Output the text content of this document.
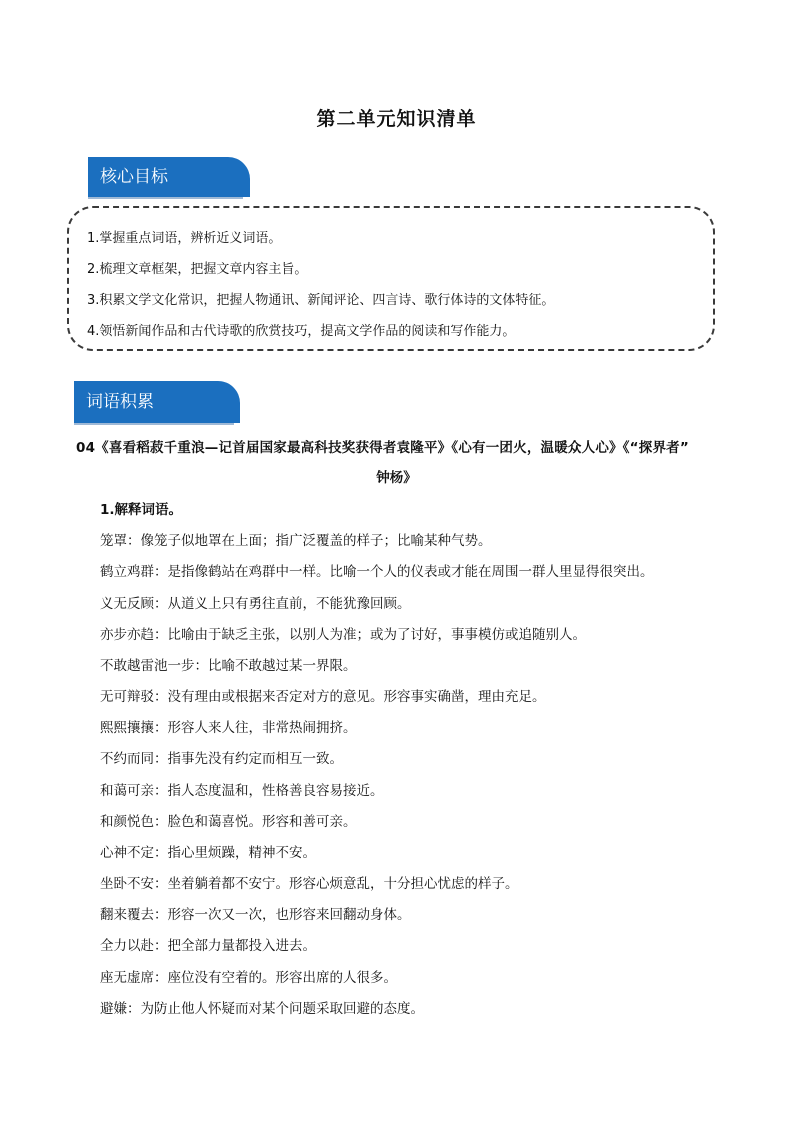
第二单元知识清单
核心目标
1.掌握重点词语，辨析近义词语。
2.梳理文章框架，把握文章内容主旨。
3.积累文学文化常识，把握人物通讯、新闻评论、四言诗、歌行体诗的文体特征。
4.领悟新闻作品和古代诗歌的欣赏技巧，提高文学作品的阅读和写作能力。
词语积累
04《喜看稻菽千重浪—记首届国家最高科技奖获得者袁隆平》《心有一团火，温暖众人心》《“探界者”
钟杨》
1.解释词语。
笼罩：像笼子似地罩在上面；指广泛覆盖的样子；比喻某种气势。
鹤立鸡群：是指像鹤站在鸡群中一样。比喻一个人的仪表或才能在周围一群人里显得很突出。
义无反顾：从道义上只有勇往直前，不能犹豫回顾。
亦步亦趋：比喻由于缺乏主张，以别人为准；或为了讨好，事事模仿或追随别人。
不敢越雷池一步：比喻不敢越过某一界限。
无可辩驳：没有理由或根据来否定对方的意见。形容事实确凿，理由充足。
熙熙攘攘：形容人来人往，非常热闹拥挤。
不约而同：指事先没有约定而相互一致。
和蔼可亲：指人态度温和，性格善良容易接近。
和颜悦色：脸色和蔼喜悦。形容和善可亲。
心神不定：指心里烦躁，精神不安。
坐卧不安：坐着躺着都不安宁。形容心烦意乱，十分担心忧虑的样子。
翻来覆去：形容一次又一次，也形容来回翻动身体。
全力以赴：把全部力量都投入进去。
座无虚席：座位没有空着的。形容出席的人很多。
避嫌：为防止他人怀疑而对某个问题采取回避的态度。
